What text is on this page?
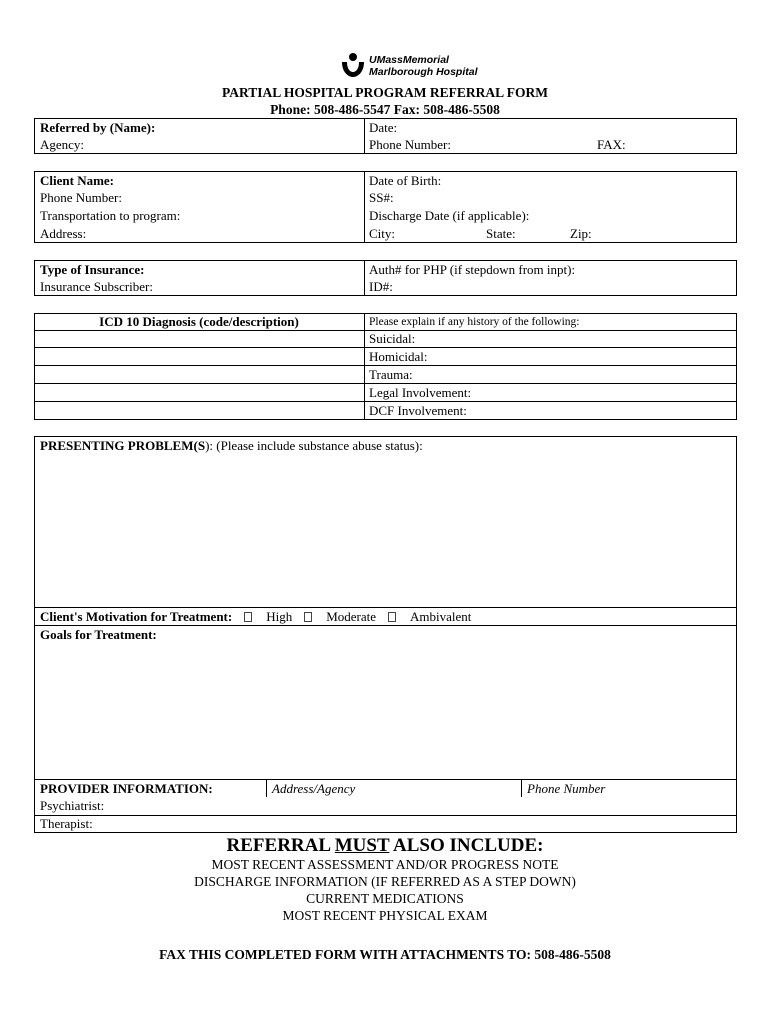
UMassMemorial
Marlborough Hospital
PARTIAL HOSPITAL PROGRAM REFERRAL FORM
Phone: 508-486-5547 Fax: 508-486-5508
Referred by (Name):
Agency:
Date:
Phone Number:	FAX:
Client Name:
Phone Number:
Transportation to program:
Address:
Date of Birth:
SS#:
Discharge Date (if applicable):
City:	State:	Zip:
Type of Insurance:
Insurance Subscriber:
Auth# for PHP (if stepdown from inpt):
ID#:
ICD 10 Diagnosis (code/description)	Please explain if any history of the following:
Suicidal:
Homicidal:
Trauma:
Legal Involvement:
DCF Involvement:
PRESENTING PROBLEM(S): (Please include substance abuse status):
Client's Motivation for Treatment:	High	Moderate	Ambivalent
Goals for Treatment:
PROVIDER INFORMATION:	Address/Agency	Phone Number
Psychiatrist:
Therapist:
REFERRAL MUST ALSO INCLUDE:
MOST RECENT ASSESSMENT AND/OR PROGRESS NOTE
DISCHARGE INFORMATION (IF REFERRED AS A STEP DOWN)
CURRENT MEDICATIONS
MOST RECENT PHYSICAL EXAM
FAX THIS COMPLETED FORM WITH ATTACHMENTS TO: 508-486-5508
